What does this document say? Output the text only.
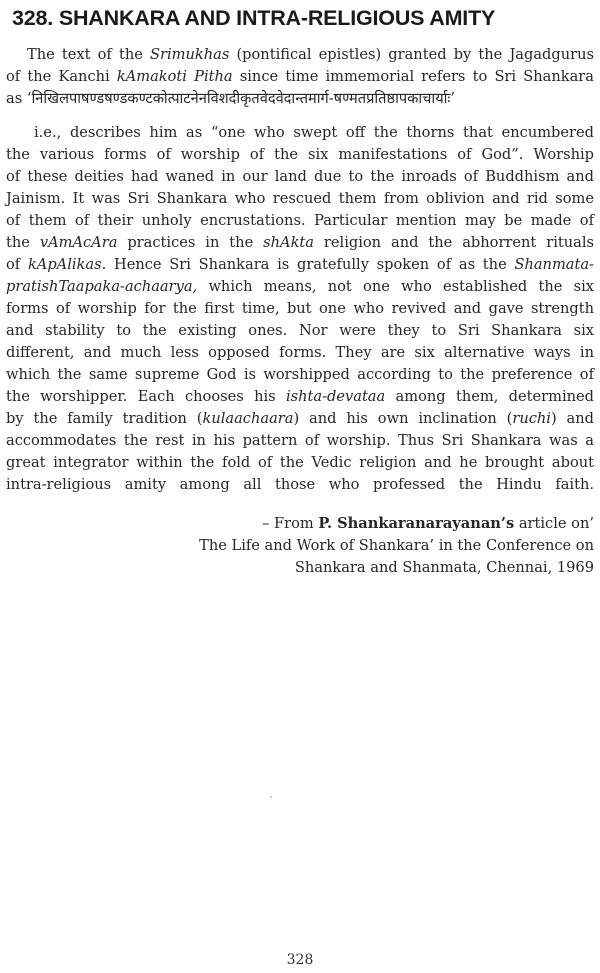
328. SHANKARA AND INTRA-RELIGIOUS AMITY
The text of the Srimukhas (pontifical epistles) granted by the Jagadgurus
of the Kanchi kAmakoti Pitha since time immemorial refers to Sri Shankara
as ‘निखिलपाषण्डषण्डकण्टकोत्पाटनेनविशदीकृतवेदवेदान्तमार्ग-षण्मतप्रतिष्ठापकाचार्याः’
i.e., describes him as “one who swept off the thorns that encumbered
the various forms of worship of the six manifestations of God”. Worship
of these deities had waned in our land due to the inroads of Buddhism and
Jainism. It was Sri Shankara who rescued them from oblivion and rid some
of them of their unholy encrustations. Particular mention may be made of
the vAmAcAra practices in the shAkta religion and the abhorrent rituals
of kApAlikas. Hence Sri Shankara is gratefully spoken of as the Shanmata-
pratishTaapaka-achaarya, which means, not one who established the six
forms of worship for the first time, but one who revived and gave strength
and stability to the existing ones. Nor were they to Sri Shankara six
different, and much less opposed forms. They are six alternative ways in
which the same supreme God is worshipped according to the preference of
the worshipper. Each chooses his ishta-devataa among them, determined
by the family tradition (kulaachaara) and his own inclination (ruchi) and
accommodates the rest in his pattern of worship. Thus Sri Shankara was a
great integrator within the fold of the Vedic religion and he brought about
intra-religious amity among all those who professed the Hindu faith.
– From P. Shankaranarayanan’s article on’
The Life and Work of Shankara’ in the Conference on
Shankara and Shanmata, Chennai, 1969
328
